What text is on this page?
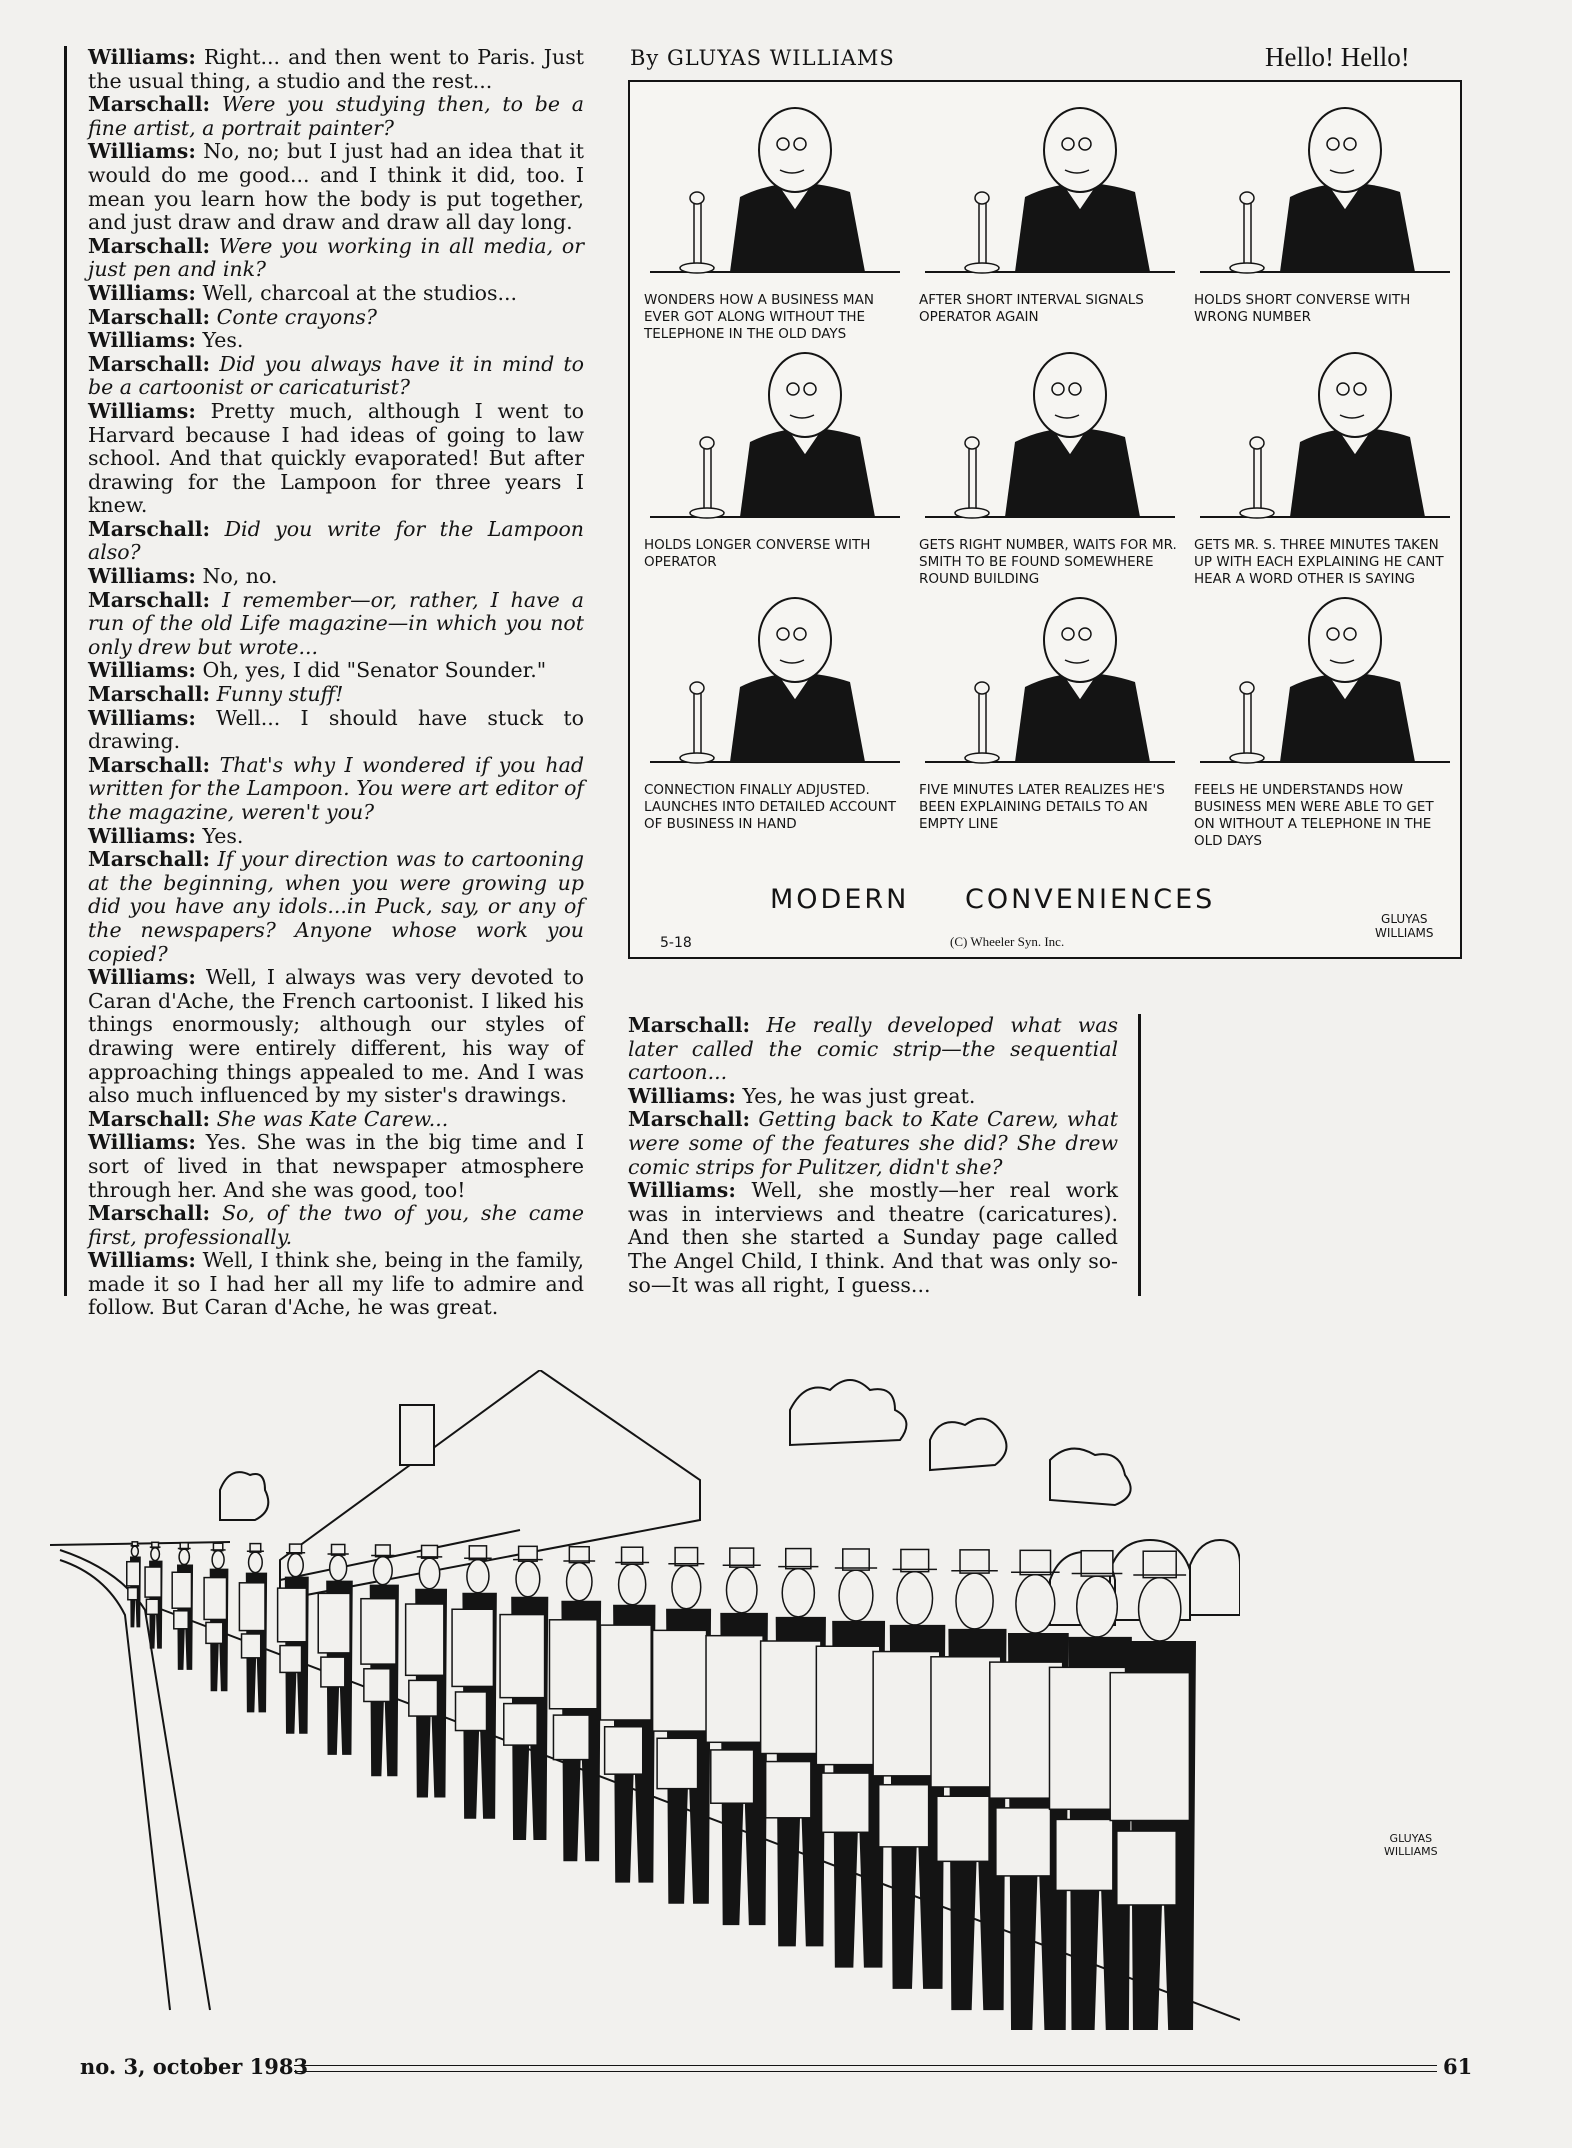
Williams: Right... and then went to Paris. Just the usual thing, a studio and the rest...

Marschall: Were you studying then, to be a fine artist, a portrait painter?

Williams: No, no; but I just had an idea that it would do me good... and I think it did, too. I mean you learn how the body is put together, and just draw and draw and draw all day long.

Marschall: Were you working in all media, or just pen and ink?

Williams: Well, charcoal at the studios...

Marschall: Conte crayons?

Williams: Yes.

Marschall: Did you always have it in mind to be a cartoonist or caricaturist?

Williams: Pretty much, although I went to Harvard because I had ideas of going to law school. And that quickly evaporated! But after drawing for the Lampoon for three years I knew.

Marschall: Did you write for the Lampoon also?

Williams: No, no.

Marschall: I remember—or, rather, I have a run of the old Life magazine—in which you not only drew but wrote...

Williams: Oh, yes, I did "Senator Sounder."

Marschall: Funny stuff!

Williams: Well... I should have stuck to drawing.

Marschall: That's why I wondered if you had written for the Lampoon. You were art editor of the magazine, weren't you?

Williams: Yes.

Marschall: If your direction was to cartooning at the beginning, when you were growing up did you have any idols...in Puck, say, or any of the newspapers? Anyone whose work you copied?

Williams: Well, I always was very devoted to Caran d'Ache, the French cartoonist. I liked his things enormously; although our styles of drawing were entirely different, his way of approaching things appealed to me. And I was also much influenced by my sister's drawings.

Marschall: She was Kate Carew...

Williams: Yes. She was in the big time and I sort of lived in that newspaper atmosphere through her. And she was good, too!

Marschall: So, of the two of you, she came first, professionally.

Williams: Well, I think she, being in the family, made it so I had her all my life to admire and follow. But Caran d'Ache, he was great.

By GLUYAS WILLIAMS	Hello! Hello!
WONDERS HOW A BUSINESS MAN EVER GOT ALONG WITHOUT THE TELEPHONE IN THE OLD DAYS
AFTER SHORT INTERVAL SIGNALS OPERATOR AGAIN
HOLDS SHORT CONVERSE WITH WRONG NUMBER
HOLDS LONGER CONVERSE WITH OPERATOR
GETS RIGHT NUMBER, WAITS FOR MR. SMITH TO BE FOUND SOMEWHERE ROUND BUILDING
GETS MR. S. THREE MINUTES TAKEN UP WITH EACH EXPLAINING HE CANT HEAR A WORD OTHER IS SAYING
CONNECTION FINALLY ADJUSTED. LAUNCHES INTO DETAILED ACCOUNT OF BUSINESS IN HAND
FIVE MINUTES LATER REALIZES HE'S BEEN EXPLAINING DETAILS TO AN EMPTY LINE
FEELS HE UNDERSTANDS HOW BUSINESS MEN WERE ABLE TO GET ON WITHOUT A TELEPHONE IN THE OLD DAYS
MODERN CONVENIENCES
GLUYAS
WILLIAMS
5-18	(C) Wheeler Syn. Inc.

Marschall: He really developed what was later called the comic strip—the sequential cartoon...

Williams: Yes, he was just great.

Marschall: Getting back to Kate Carew, what were some of the features she did? She drew comic strips for Pulitzer, didn't she?

Williams: Well, she mostly—her real work was in interviews and theatre (caricatures). And then she started a Sunday page called The Angel Child, I think. And that was only so-so—It was all right, I guess...

GLUYAS
WILLIAMS
no. 3, october 1983	61
